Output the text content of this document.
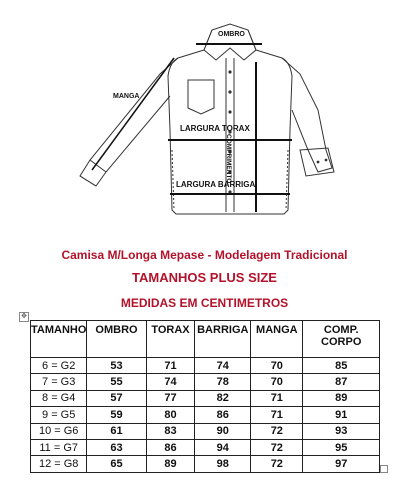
OMBRO
MANGA
COMPRIMENTO
LARGURA TORAX
LARGURA BARRIGA
Camisa M/Longa Mepase - Modelagem Tradicional
TAMANHOS PLUS SIZE
MEDIDAS EM CENTIMETROS
✥
TAMANHO	OMBRO	TORAX	BARRIGA	MANGA	COMP. CORPO
6 = G2	53	71	74	70	85
7 = G3	55	74	78	70	87
8 = G4	57	77	82	71	89
9 = G5	59	80	86	71	91
10 = G6	61	83	90	72	93
11 = G7	63	86	94	72	95
12 = G8	65	89	98	72	97
